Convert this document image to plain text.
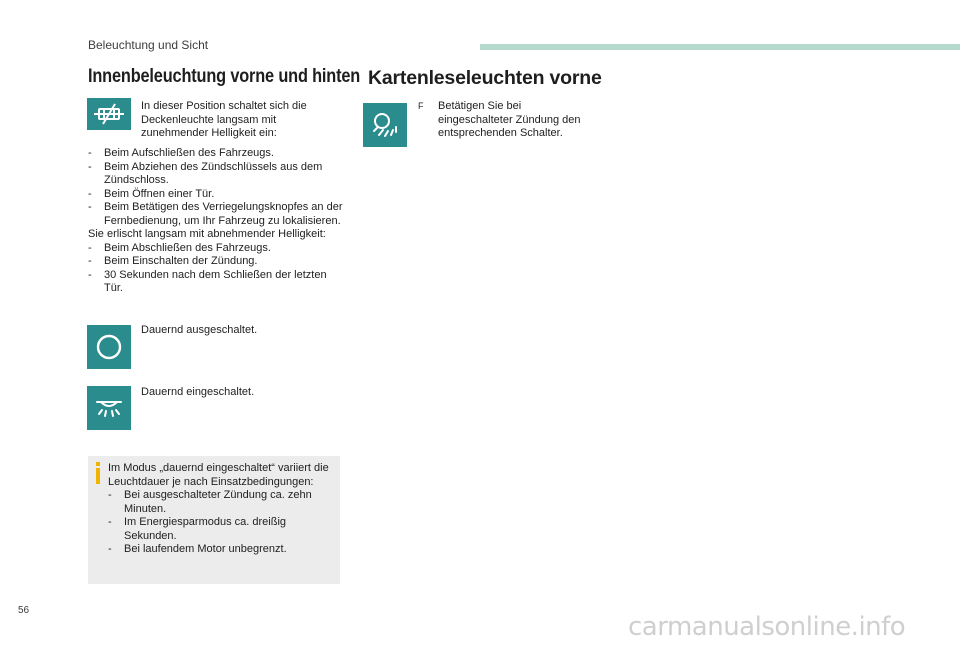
Beleuchtung und Sicht
Innenbeleuchtung vorne und hinten
In dieser Position schaltet sich die Deckenleuchte langsam mit zunehmender Helligkeit ein:
- Beim Aufschließen des Fahrzeugs.
- Beim Abziehen des Zündschlüssels aus dem Zündschloss.
- Beim Öffnen einer Tür.
- Beim Betätigen des Verriegelungsknopfes an der Fernbedienung, um Ihr Fahrzeug zu lokalisieren.
Sie erlischt langsam mit abnehmender Helligkeit:
- Beim Abschließen des Fahrzeugs.
- Beim Einschalten der Zündung.
- 30 Sekunden nach dem Schließen der letzten Tür.
Dauernd ausgeschaltet.
Dauernd eingeschaltet.
Im Modus „dauernd eingeschaltet“ variiert die Leuchtdauer je nach Einsatzbedingungen:
- Bei ausgeschalteter Zündung ca. zehn Minuten.
- Im Energiesparmodus ca. dreißig Sekunden.
- Bei laufendem Motor unbegrenzt.
Kartenleseleuchten vorne
F Betätigen Sie bei eingeschalteter Zündung den entsprechenden Schalter.
56
carmanualsonline.info
